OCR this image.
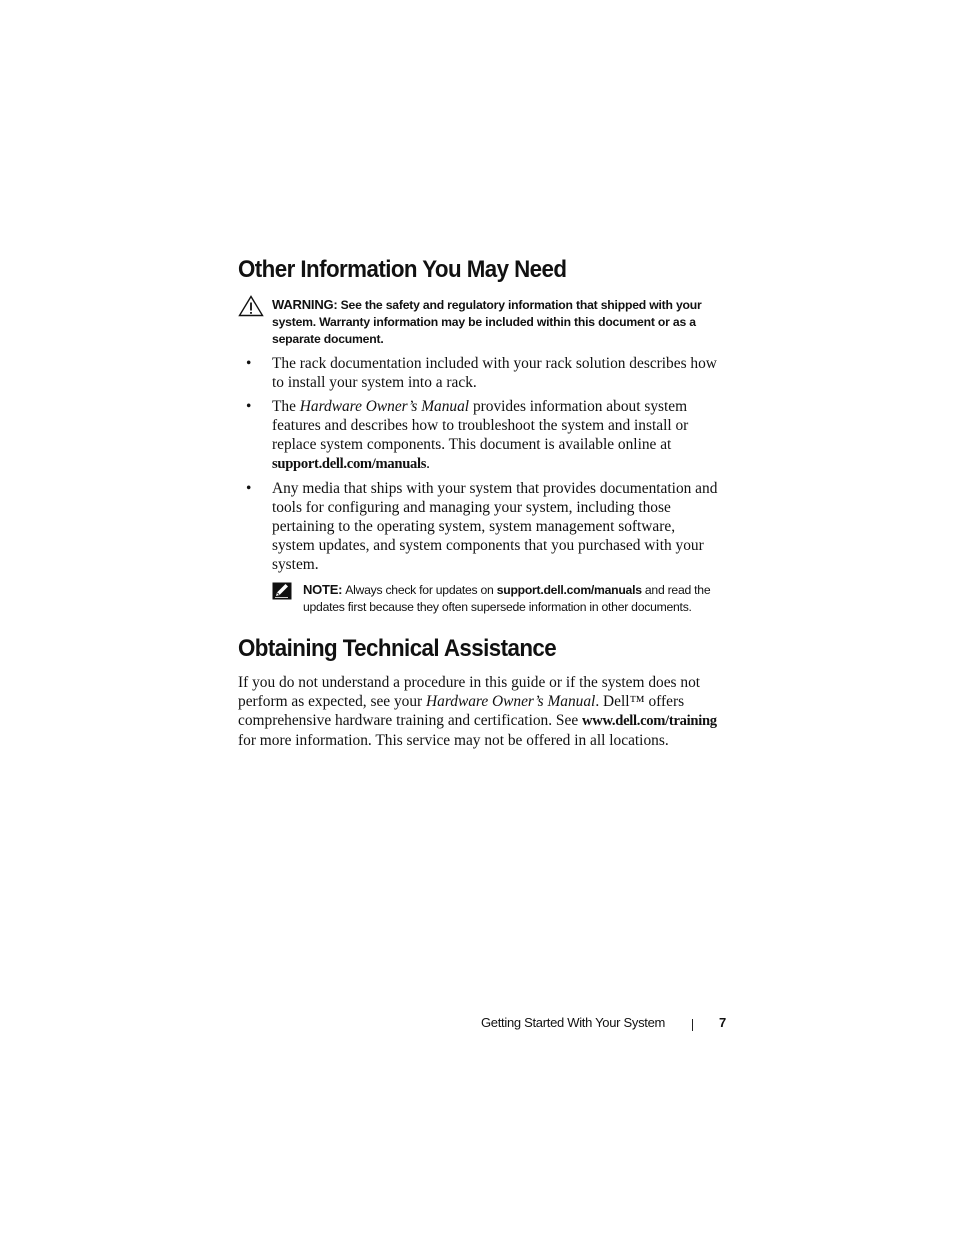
Other Information You May Need
WARNING: See the safety and regulatory information that shipped with your system. Warranty information may be included within this document or as a separate document.
• The rack documentation included with your rack solution describes how to install your system into a rack.
• The Hardware Owner’s Manual provides information about system features and describes how to troubleshoot the system and install or replace system components. This document is available online at support.dell.com/manuals.
• Any media that ships with your system that provides documentation and tools for configuring and managing your system, including those pertaining to the operating system, system management software, system updates, and system components that you purchased with your system.
NOTE: Always check for updates on support.dell.com/manuals and read the updates first because they often supersede information in other documents.
Obtaining Technical Assistance
If you do not understand a procedure in this guide or if the system does not perform as expected, see your Hardware Owner’s Manual. Dell™ offers comprehensive hardware training and certification. See www.dell.com/training for more information. This service may not be offered in all locations.
Getting Started With Your System	7
